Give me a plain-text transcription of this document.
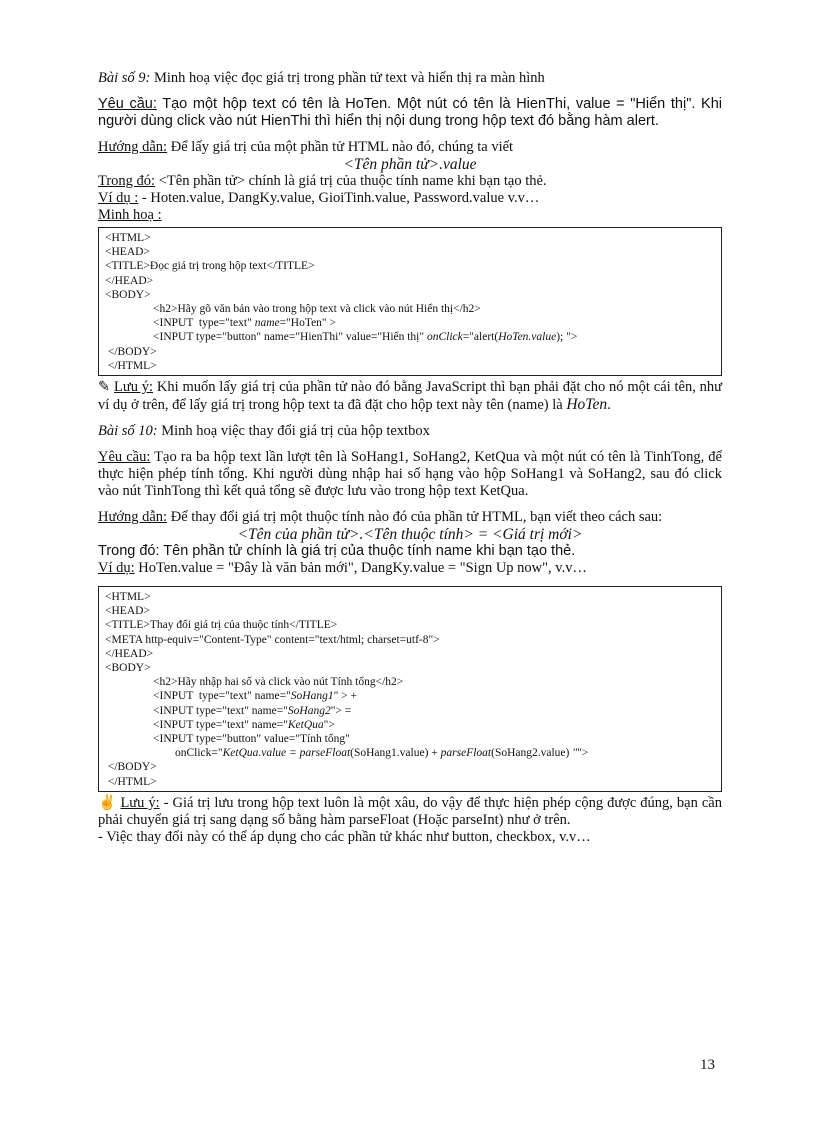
Bài số 9: Minh hoạ việc đọc giá trị trong phần tử text và hiển thị ra màn hình

Yêu cầu: Tạo một hộp text có tên là HoTen. Một nút có tên là HienThi, value = "Hiển thị". Khi người dùng click vào nút HienThi thì hiển thị nội dung trong hộp text đó bằng hàm alert.

Hướng dẫn: Để lấy giá trị của một phần tử HTML nào đó, chúng ta viết

<Tên phần tử>.value

Trong đó: <Tên phần tử> chính là giá trị của thuộc tính name khi bạn tạo thẻ.

Ví dụ : - Hoten.value, DangKy.value, GioiTinh.value, Password.value v.v…

Minh hoạ :

<HTML>
<HEAD>
<TITLE>Đọc giá trị trong hộp text</TITLE>
</HEAD>
<BODY>
<h2>Hãy gõ văn bản vào trong hộp text và click vào nút Hiển thị</h2>
<INPUT  type="text" name="HoTen" >
<INPUT type="button" name="HienThi" value="Hiển thị" onClick="alert(HoTen.value); ">
</BODY>
</HTML>

✎ Lưu ý: Khi muốn lấy giá trị của phần tử nào đó bằng JavaScript thì bạn phải đặt cho nó một cái tên, như ví dụ ở trên, để lấy giá trị trong hộp text ta đã đặt cho hộp text này tên (name) là HoTen.

Bài số 10: Minh hoạ việc thay đổi giá trị của hộp textbox

Yêu cầu: Tạo ra ba hộp text lần lượt tên là SoHang1, SoHang2, KetQua và một nút có tên là TinhTong, để thực hiện phép tính tổng. Khi người dùng nhập hai số hạng vào hộp SoHang1 và SoHang2, sau đó click vào nút TinhTong thì kết quả tổng sẽ được lưu vào trong hộp text KetQua.

Hướng dẫn: Để thay đổi giá trị một thuộc tính nào đó của phần tử HTML, bạn viết theo cách sau:

<Tên của phần tử>.<Tên thuộc tính> = <Giá trị mới>

Trong đó: Tên phần tử chính là giá trị của thuộc tính name khi bạn tạo thẻ.

Ví dụ: HoTen.value = "Đây là văn bản mới", DangKy.value = "Sign Up now", v.v…

<HTML>
<HEAD>
<TITLE>Thay đổi giá trị của thuộc tính</TITLE>
<META http-equiv="Content-Type" content="text/html; charset=utf-8">
</HEAD>
<BODY>
<h2>Hãy nhập hai số và click vào nút Tính tổng</h2>
<INPUT  type="text" name="SoHang1" > +
<INPUT type="text" name="SoHang2"> =
<INPUT type="text" name="KetQua">
<INPUT type="button" value="Tính tổng"
onClick="KetQua.value = parseFloat(SoHang1.value) + parseFloat(SoHang2.value) "">
</BODY>
</HTML>

✌ Lưu ý: - Giá trị lưu trong hộp text luôn là một xâu, do vậy để thực hiện phép cộng được đúng, bạn cần phải chuyển giá trị sang dạng số bằng hàm parseFloat (Hoặc parseInt) như ở trên.

- Việc thay đổi này có thể áp dụng cho các phần tử khác như button, checkbox, v.v…

13
